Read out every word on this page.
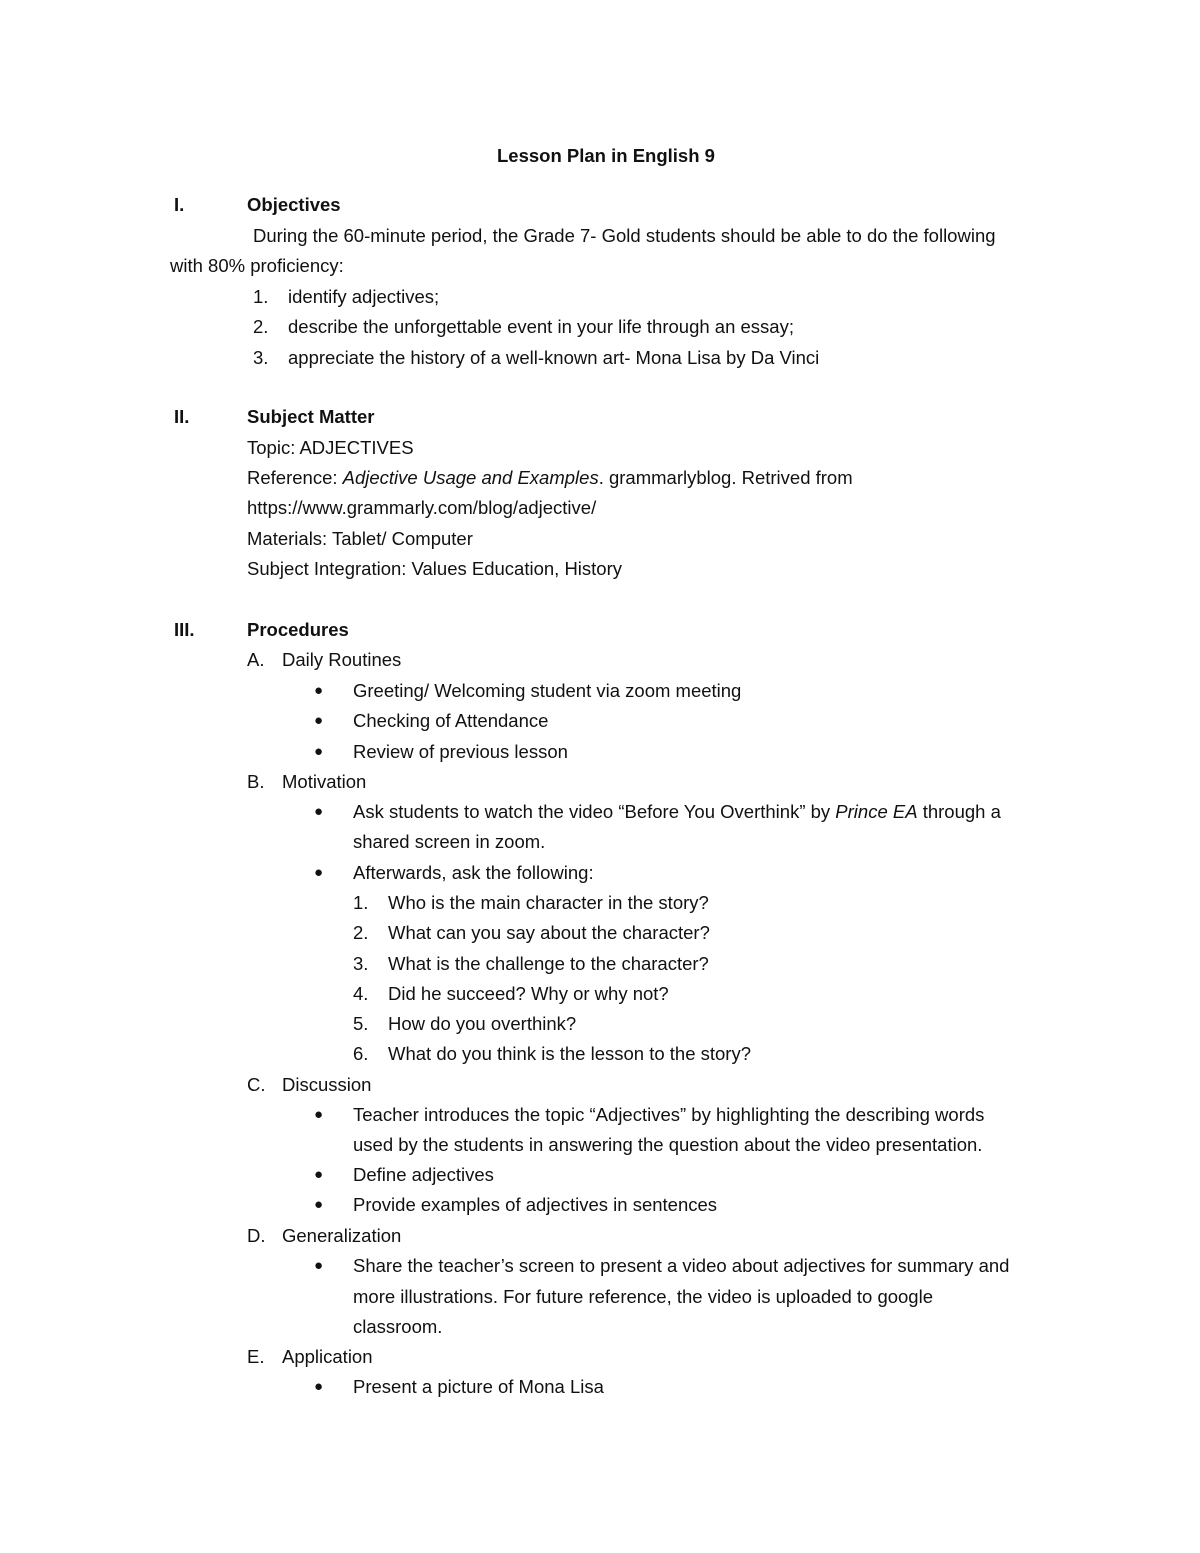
Lesson Plan in English 9
I.	Objectives
During the 60-minute period, the Grade 7- Gold students should be able to do the following
with 80% proficiency:
1. identify adjectives;
2. describe the unforgettable event in your life through an essay;
3. appreciate the history of a well-known art- Mona Lisa by Da Vinci
II.	Subject Matter
Topic: ADJECTIVES
Reference: Adjective Usage and Examples. grammarlyblog. Retrived from
https://www.grammarly.com/blog/adjective/
Materials: Tablet/ Computer
Subject Integration: Values Education, History
III.	Procedures
A. Daily Routines
● Greeting/ Welcoming student via zoom meeting
● Checking of Attendance
● Review of previous lesson
B. Motivation
● Ask students to watch the video “Before You Overthink” by Prince EA through a
shared screen in zoom.
● Afterwards, ask the following:
1. Who is the main character in the story?
2. What can you say about the character?
3. What is the challenge to the character?
4. Did he succeed? Why or why not?
5. How do you overthink?
6. What do you think is the lesson to the story?
C. Discussion
● Teacher introduces the topic “Adjectives” by highlighting the describing words
used by the students in answering the question about the video presentation.
● Define adjectives
● Provide examples of adjectives in sentences
D. Generalization
● Share the teacher’s screen to present a video about adjectives for summary and
more illustrations. For future reference, the video is uploaded to google
classroom.
E. Application
● Present a picture of Mona Lisa
